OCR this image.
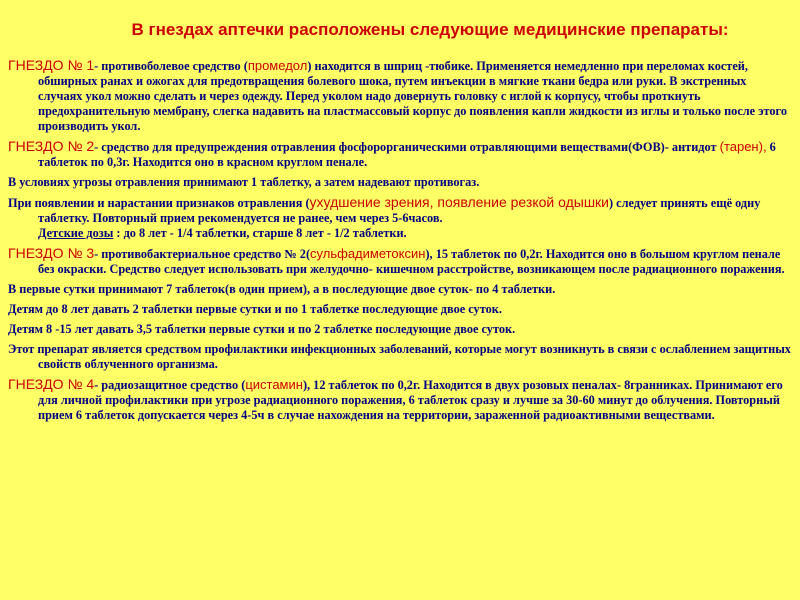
В гнездах аптечки расположены следующие медицинские препараты:

ГНЕЗДО № 1- противоболевое средство (промедол) находится в шприц -тюбике. Применяется немедленно при переломах костей, обширных ранах и ожогах для предотвращения болевого шока, путем инъекции в мягкие ткани бедра или руки. В экстренных случаях укол можно сделать и через одежду. Перед уколом надо довернуть головку с иглой к корпусу, чтобы проткнуть предохранительную мембрану, слегка надавить на пластмассовый корпус до появления капли жидкости из иглы и только после этого производить укол.

ГНЕЗДО № 2- средство для предупреждения отравления фосфорорганическими отравляющими веществами(ФОВ)- антидот (тарен), 6 таблеток по 0,3г. Находится оно в красном круглом пенале.

В условиях угрозы отравления принимают 1 таблетку, а затем надевают противогаз.

При появлении и нарастании признаков отравления (ухудшение зрения, появление резкой одышки) следует принять ещё одну таблетку. Повторный прием рекомендуется не ранее, чем через 5-6часов.
Детские дозы : до 8 лет - 1/4 таблетки, старше 8 лет - 1/2 таблетки.

ГНЕЗДО № 3- противобактериальное средство № 2(сульфадиметоксин), 15 таблеток по 0,2г. Находится оно в большом круглом пенале без окраски. Средство следует использовать при желудочно- кишечном расстройстве, возникающем после радиационного поражения.

В первые сутки принимают 7 таблеток(в один прием), а в последующие двое суток- по 4 таблетки.

Детям до 8 лет давать 2 таблетки первые сутки и по 1 таблетке последующие двое суток.

Детям 8 -15 лет давать 3,5 таблетки первые сутки и по 2 таблетке последующие двое суток.

Этот препарат является средством профилактики инфекционных заболеваний, которые могут возникнуть в связи с ослаблением защитных свойств облученного организма.

ГНЕЗДО № 4- радиозащитное средство (цистамин), 12 таблеток по 0,2г. Находится в двух розовых пеналах- 8гранниках. Принимают его для личной профилактики при угрозе радиационного поражения, 6 таблеток сразу и лучше за 30-60 минут до облучения. Повторный прием 6 таблеток допускается через 4-5ч в случае нахождения на территории, зараженной радиоактивными веществами.
